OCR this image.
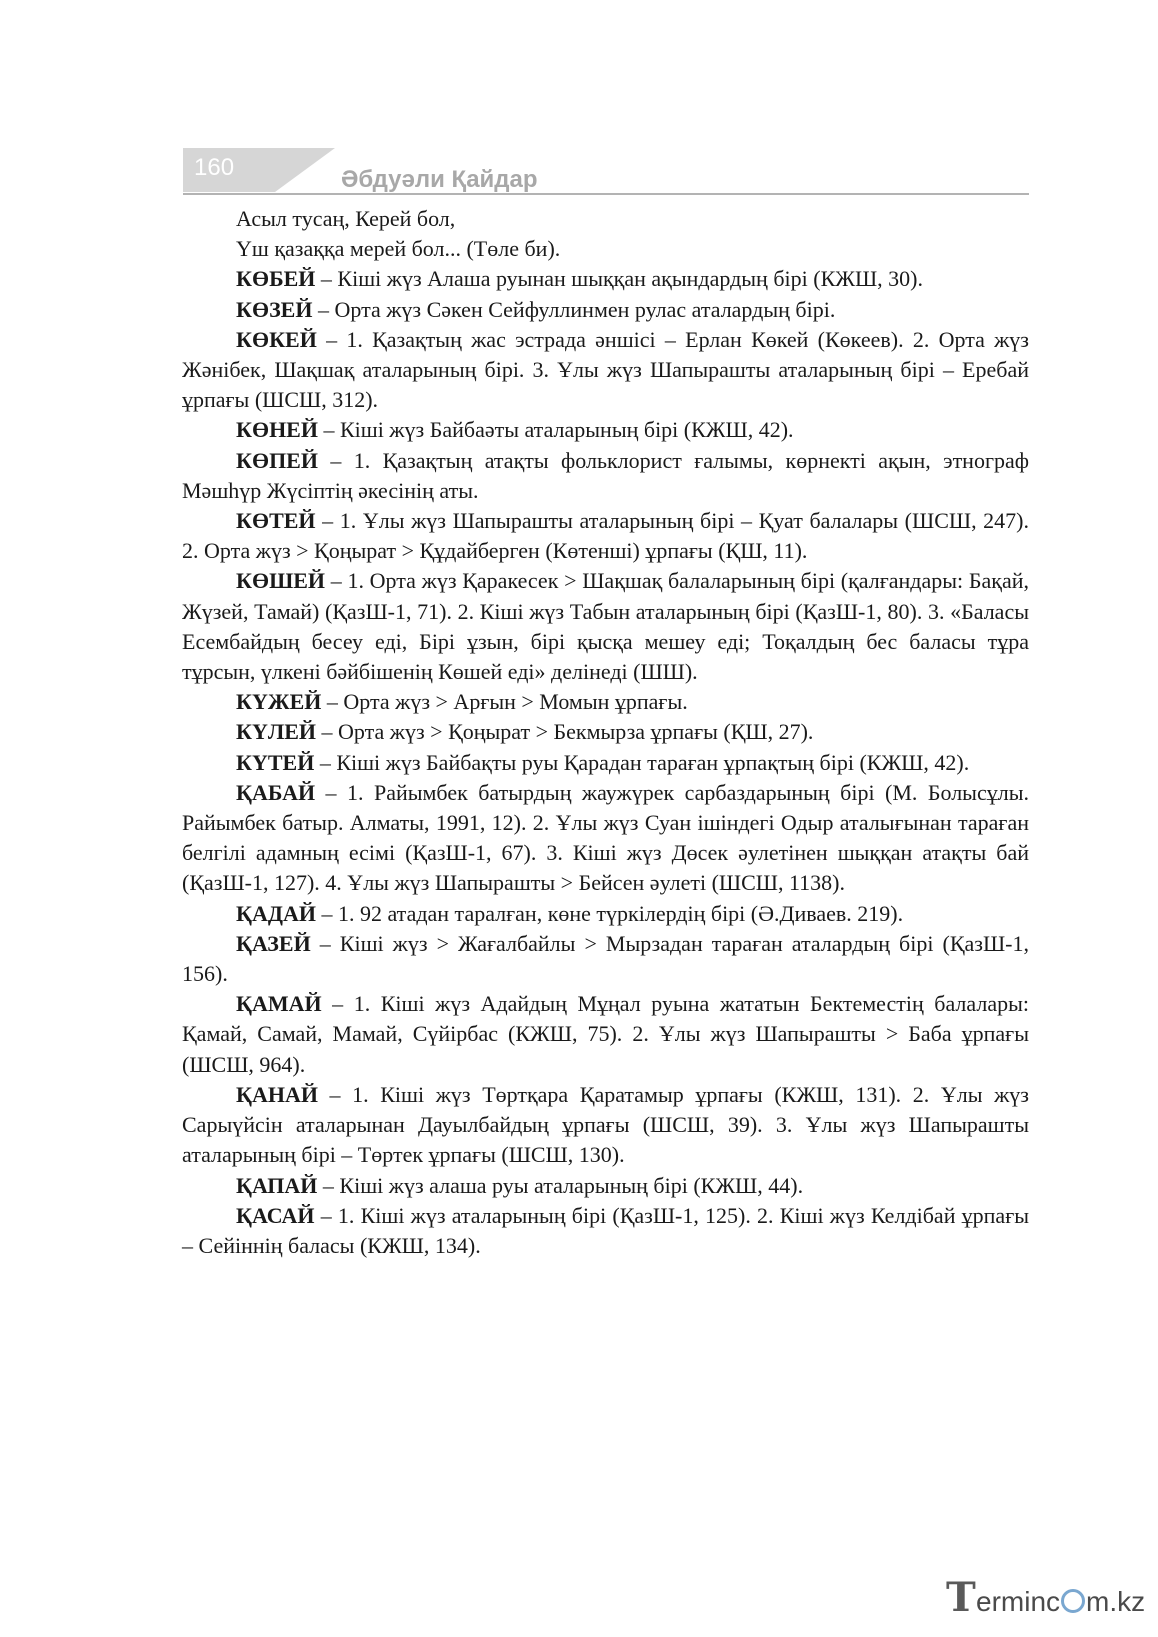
160	Әбдуәли Қайдар

Асыл тусаң, Керей бол,

Үш қазаққа мерей бол... (Төле би).

КӨБЕЙ – Кіші жүз Алаша руынан шыққан ақындардың бірі (КЖШ, 30).

КӨЗЕЙ – Орта жүз Сәкен Сейфуллинмен рулас аталардың бірі.

КӨКЕЙ – 1. Қазақтың жас эстрада әншісі – Ерлан Көкей (Көкеев). 2. Орта жүз Жәнібек, Шақшақ аталарының бірі. 3. Ұлы жүз Шапырашты аталарының бірі – Еребай ұрпағы (ШСШ, 312).

КӨНЕЙ – Кіші жүз Байбаәты аталарының бірі (КЖШ, 42).

КӨПЕЙ – 1. Қазақтың атақты фольклорист ғалымы, көрнекті ақын, этнограф Мәшһүр Жүсіптің әкесінің аты.

КӨТЕЙ – 1. Ұлы жүз Шапырашты аталарының бірі – Қуат балалары (ШСШ, 247). 2. Орта жүз > Қоңырат > Құдайберген (Көтенші) ұрпағы (ҚШ, 11).

КӨШЕЙ – 1. Орта жүз Қаракесек > Шақшақ балаларының бірі (қалғандары: Бақай, Жүзей, Тамай) (ҚазШ-1, 71). 2. Кіші жүз Табын аталарының бірі (ҚазШ-1, 80). 3. «Баласы Есембайдың бесеу еді, Бірі ұзын, бірі қысқа мешеу еді; Тоқалдың бес баласы тұра тұрсын, үлкені бәйбішенің Көшей еді» делінеді (ШШ).

КҮЖЕЙ – Орта жүз > Арғын > Момын ұрпағы.

КҮЛЕЙ – Орта жүз > Қоңырат > Бекмырза ұрпағы (ҚШ, 27).

КҮТЕЙ – Кіші жүз Байбақты руы Қарадан тараған ұрпақтың бірі (КЖШ, 42).

ҚАБАЙ – 1. Райымбек батырдың жаужүрек сарбаздарының бірі (М. Болысұлы. Райымбек батыр. Алматы, 1991, 12). 2. Ұлы жүз Суан ішіндегі Одыр аталығынан тараған белгілі адамның есімі (ҚазШ-1, 67). 3. Кіші жүз Дөсек әулетінен шыққан атақты бай (ҚазШ-1, 127). 4. Ұлы жүз Шапырашты > Бейсен әулеті (ШСШ, 1138).

ҚАДАЙ – 1. 92 атадан таралған, көне түркілердің бірі (Ә.Диваев. 219).

ҚАЗЕЙ – Кіші жүз > Жағалбайлы > Мырзадан тараған аталардың бірі (ҚазШ-1, 156).

ҚАМАЙ – 1. Кіші жүз Адайдың Мұңал руына жататын Бектеместің балалары: Қамай, Самай, Мамай, Сүйірбас (КЖШ, 75). 2. Ұлы жүз Шапырашты > Баба ұрпағы (ШСШ, 964).

ҚАНАЙ – 1. Кіші жүз Төртқара Қаратамыр ұрпағы (КЖШ, 131). 2. Ұлы жүз Сарыүйсін аталарынан Дауылбайдың ұрпағы (ШСШ, 39). 3. Ұлы жүз Шапырашты аталарының бірі – Төртек ұрпағы (ШСШ, 130).

ҚАПАЙ – Кіші жүз алаша руы аталарының бірі (КЖШ, 44).

ҚАСАЙ – 1. Кіші жүз аталарының бірі (ҚазШ-1, 125). 2. Кіші жүз Келдібай ұрпағы – Сейіннің баласы (КЖШ, 134).

T erminc m.kz
